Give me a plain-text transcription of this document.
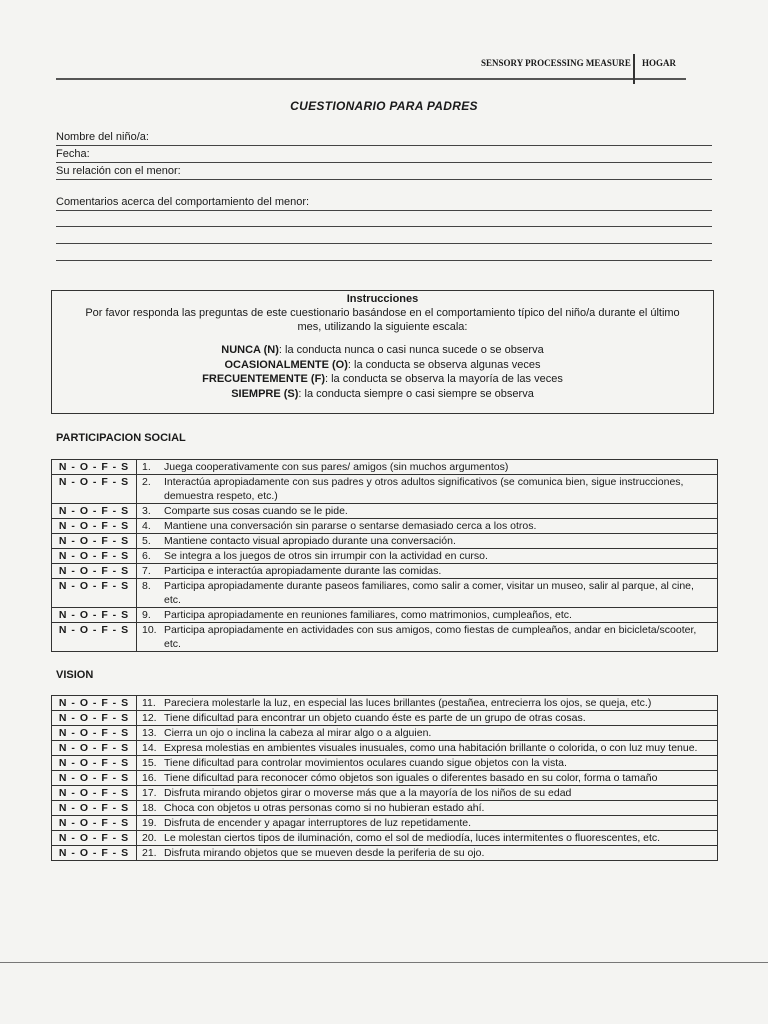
SENSORY PROCESSING MEASURE HOGAR
CUESTIONARIO PARA PADRES
Nombre del niño/a:
Fecha:
Su relación con el menor:
Comentarios acerca del comportamiento del menor:
Instrucciones
Por favor responda las preguntas de este cuestionario basándose en el comportamiento típico del niño/a durante el último mes, utilizando la siguiente escala:
NUNCA (N): la conducta nunca o casi nunca sucede o se observa
OCASIONALMENTE (O): la conducta se observa algunas veces
FRECUENTEMENTE (F): la conducta se observa la mayoría de las veces
SIEMPRE (S): la conducta siempre o casi siempre se observa
PARTICIPACION SOCIAL
N - O - F - S	1.	Juega cooperativamente con sus pares/ amigos (sin muchos argumentos)
N - O - F - S	2.	Interactúa apropiadamente con sus padres y otros adultos significativos (se comunica bien, sigue instrucciones, demuestra respeto, etc.)
N - O - F - S	3.	Comparte sus cosas cuando se le pide.
N - O - F - S	4.	Mantiene una conversación sin pararse o sentarse demasiado cerca a los otros.
N - O - F - S	5.	Mantiene contacto visual apropiado durante una conversación.
N - O - F - S	6.	Se integra a los juegos de otros sin irrumpir con la actividad en curso.
N - O - F - S	7.	Participa e interactúa apropiadamente durante las comidas.
N - O - F - S	8.	Participa apropiadamente durante paseos familiares, como salir a comer, visitar un museo, salir al parque, al cine, etc.
N - O - F - S	9.	Participa apropiadamente en reuniones familiares, como matrimonios, cumpleaños, etc.
N - O - F - S	10.	Participa apropiadamente en actividades con sus amigos, como fiestas de cumpleaños, andar en bicicleta/scooter, etc.
VISION
N - O - F - S	11.	Pareciera molestarle la luz, en especial las luces brillantes (pestañea, entrecierra los ojos, se queja, etc.)
N - O - F - S	12.	Tiene dificultad para encontrar un objeto cuando éste es parte de un grupo de otras cosas.
N - O - F - S	13.	Cierra un ojo o inclina la cabeza al mirar algo o a alguien.
N - O - F - S	14.	Expresa molestias en ambientes visuales inusuales, como una habitación brillante o colorida, o con luz muy tenue.
N - O - F - S	15.	Tiene dificultad para controlar movimientos oculares cuando sigue objetos con la vista.
N - O - F - S	16.	Tiene dificultad para reconocer cómo objetos son iguales o diferentes basado en su color, forma o tamaño
N - O - F - S	17.	Disfruta mirando objetos girar o moverse más que a la mayoría de los niños de su edad
N - O - F - S	18.	Choca con objetos u otras personas como si no hubieran estado ahí.
N - O - F - S	19.	Disfruta de encender y apagar interruptores de luz repetidamente.
N - O - F - S	20.	Le molestan ciertos tipos de iluminación, como el sol de mediodía, luces intermitentes o fluorescentes, etc.
N - O - F - S	21.	Disfruta mirando objetos que se mueven desde la periferia de su ojo.
